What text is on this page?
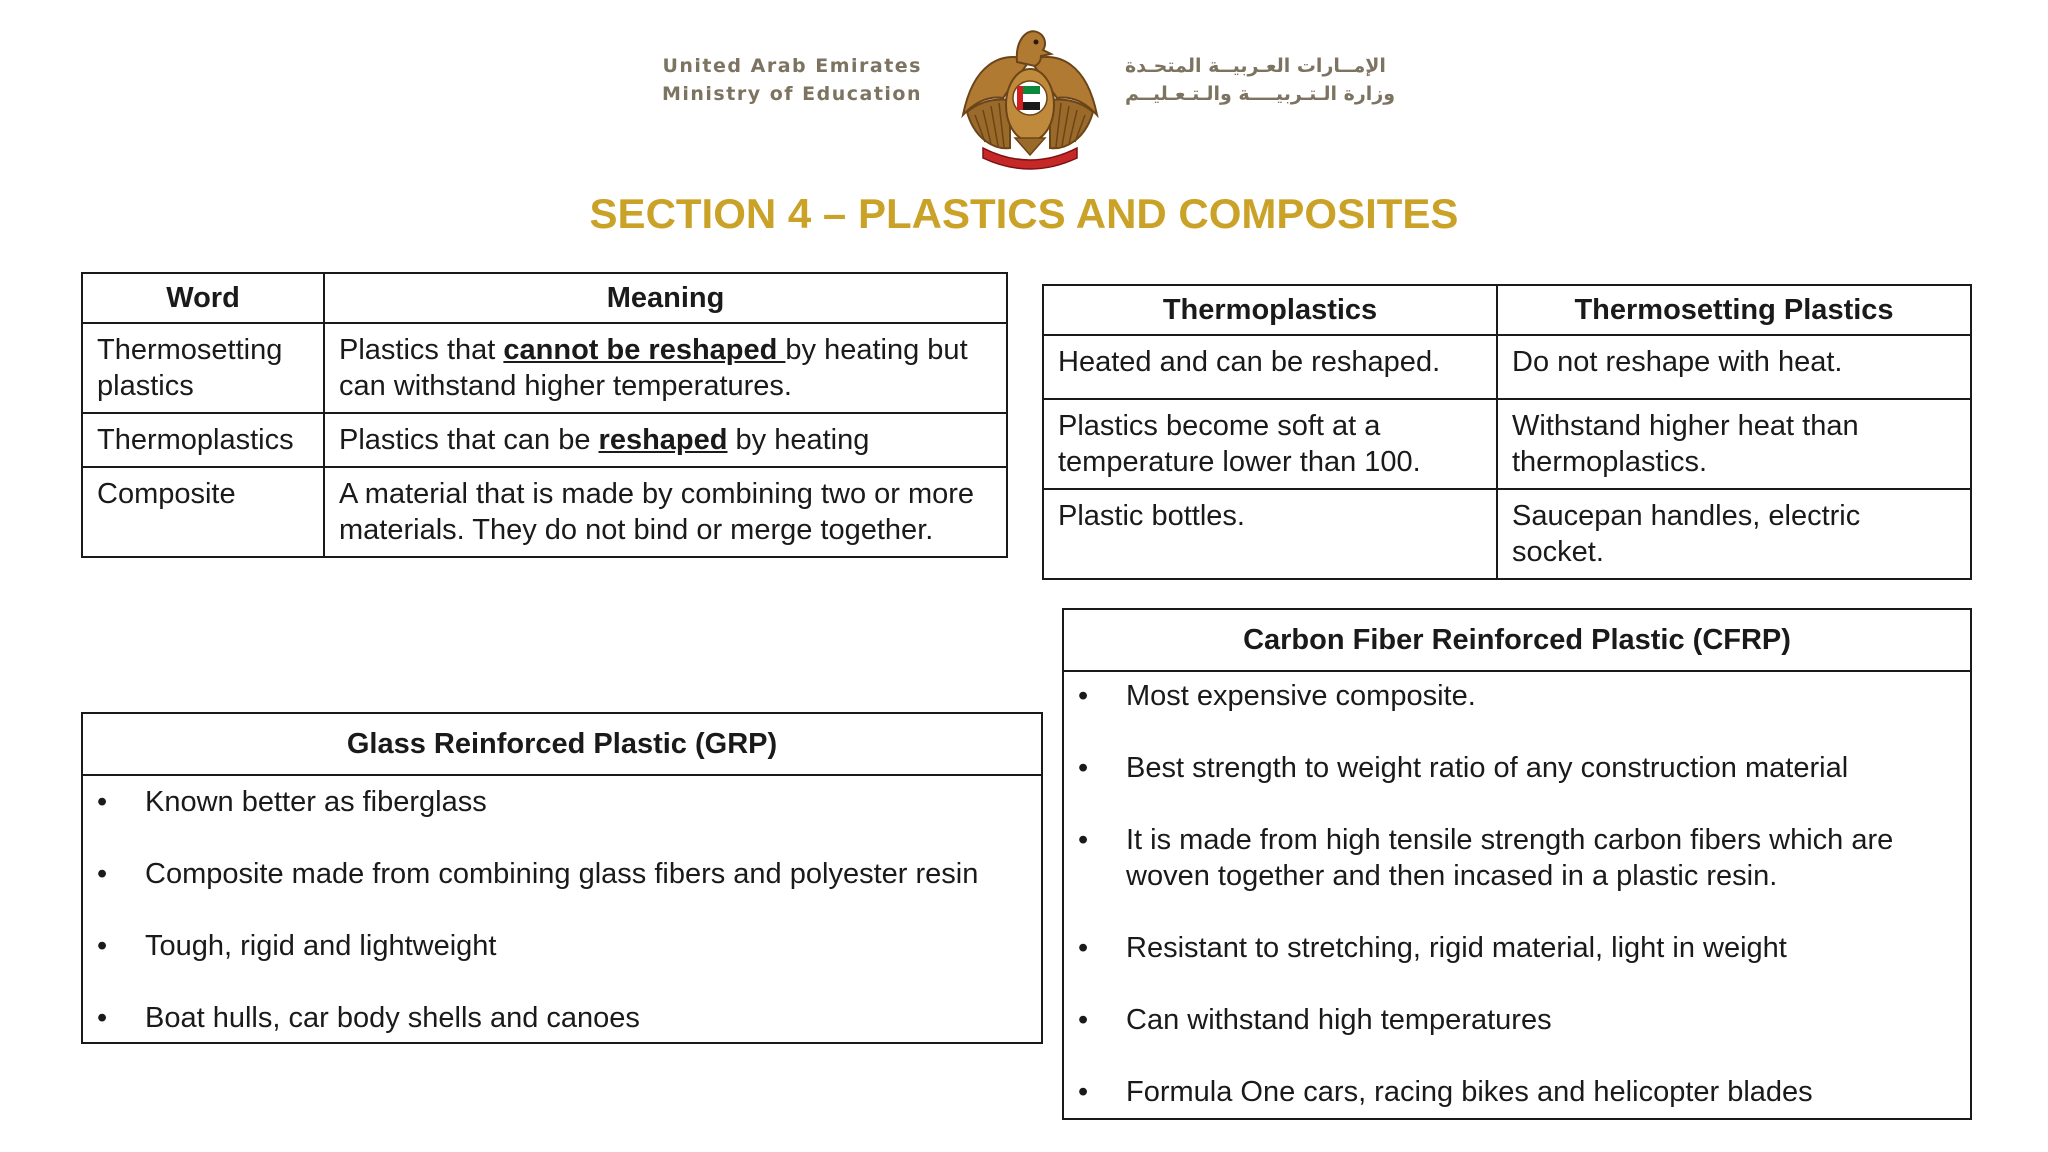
United Arab Emirates
Ministry of Education
الإمــارات العـربيــة المتحـدة
وزارة الـتـربيــــة والـتـعـليــم
SECTION 4 – PLASTICS AND COMPOSITES
Word	Meaning
Thermosetting plastics	Plastics that cannot be reshaped by heating but can withstand higher temperatures.
Thermoplastics	Plastics that can be reshaped by heating
Composite	A material that is made by combining two or more materials. They do not bind or merge together.
Thermoplastics	Thermosetting Plastics
Heated and can be reshaped.	Do not reshape with heat.
Plastics become soft at a temperature lower than 100.	Withstand higher heat than thermoplastics.
Plastic bottles.	Saucepan handles, electric socket.
Glass Reinforced Plastic (GRP)
• Known better as fiberglass
• Composite made from combining glass fibers and polyester resin
• Tough, rigid and lightweight
• Boat hulls, car body shells and canoes
Carbon Fiber Reinforced Plastic (CFRP)
• Most expensive composite.
• Best strength to weight ratio of any construction material
• It is made from high tensile strength carbon fibers which are woven together and then incased in a plastic resin.
• Resistant to stretching, rigid material, light in weight
• Can withstand high temperatures
• Formula One cars, racing bikes and helicopter blades
